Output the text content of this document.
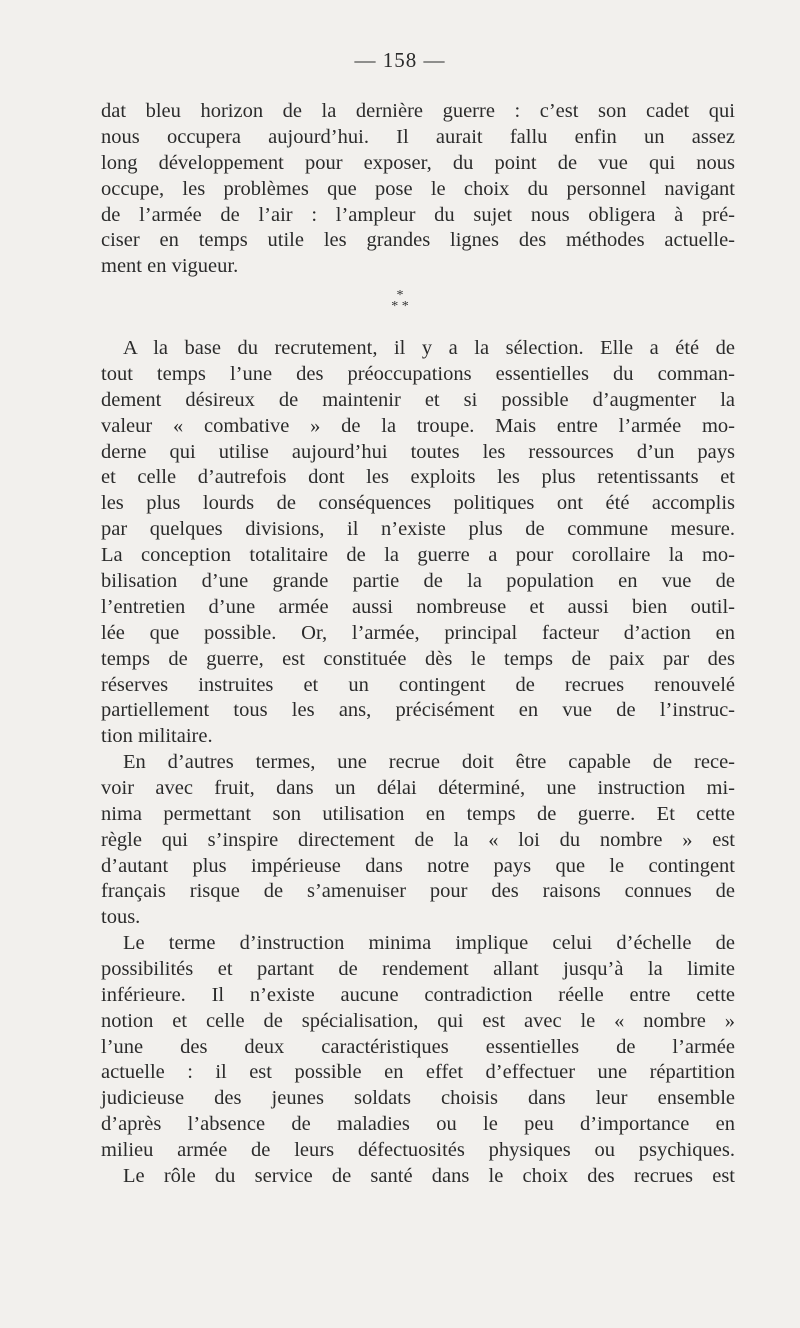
— 158 —
dat bleu horizon de la dernière guerre : c’est son cadet qui
nous occupera aujourd’hui. Il aurait fallu enfin un assez
long développement pour exposer, du point de vue qui nous
occupe, les problèmes que pose le choix du personnel navigant
de l’armée de l’air : l’ampleur du sujet nous obligera à pré-
ciser en temps utile les grandes lignes des méthodes actuelle-
ment en vigueur.
*
* *
A la base du recrutement, il y a la sélection. Elle a été de
tout temps l’une des préoccupations essentielles du comman-
dement désireux de maintenir et si possible d’augmenter la
valeur « combative » de la troupe. Mais entre l’armée mo-
derne qui utilise aujourd’hui toutes les ressources d’un pays
et celle d’autrefois dont les exploits les plus retentissants et
les plus lourds de conséquences politiques ont été accomplis
par quelques divisions, il n’existe plus de commune mesure.
La conception totalitaire de la guerre a pour corollaire la mo-
bilisation d’une grande partie de la population en vue de
l’entretien d’une armée aussi nombreuse et aussi bien outil-
lée que possible. Or, l’armée, principal facteur d’action en
temps de guerre, est constituée dès le temps de paix par des
réserves instruites et un contingent de recrues renouvelé
partiellement tous les ans, précisément en vue de l’instruc-
tion militaire.
En d’autres termes, une recrue doit être capable de rece-
voir avec fruit, dans un délai déterminé, une instruction mi-
nima permettant son utilisation en temps de guerre. Et cette
règle qui s’inspire directement de la « loi du nombre » est
d’autant plus impérieuse dans notre pays que le contingent
français risque de s’amenuiser pour des raisons connues de
tous.
Le terme d’instruction minima implique celui d’échelle de
possibilités et partant de rendement allant jusqu’à la limite
inférieure. Il n’existe aucune contradiction réelle entre cette
notion et celle de spécialisation, qui est avec le « nombre »
l’une des deux caractéristiques essentielles de l’armée
actuelle : il est possible en effet d’effectuer une répartition
judicieuse des jeunes soldats choisis dans leur ensemble
d’après l’absence de maladies ou le peu d’importance en
milieu armée de leurs défectuosités physiques ou psychiques.
Le rôle du service de santé dans le choix des recrues est
